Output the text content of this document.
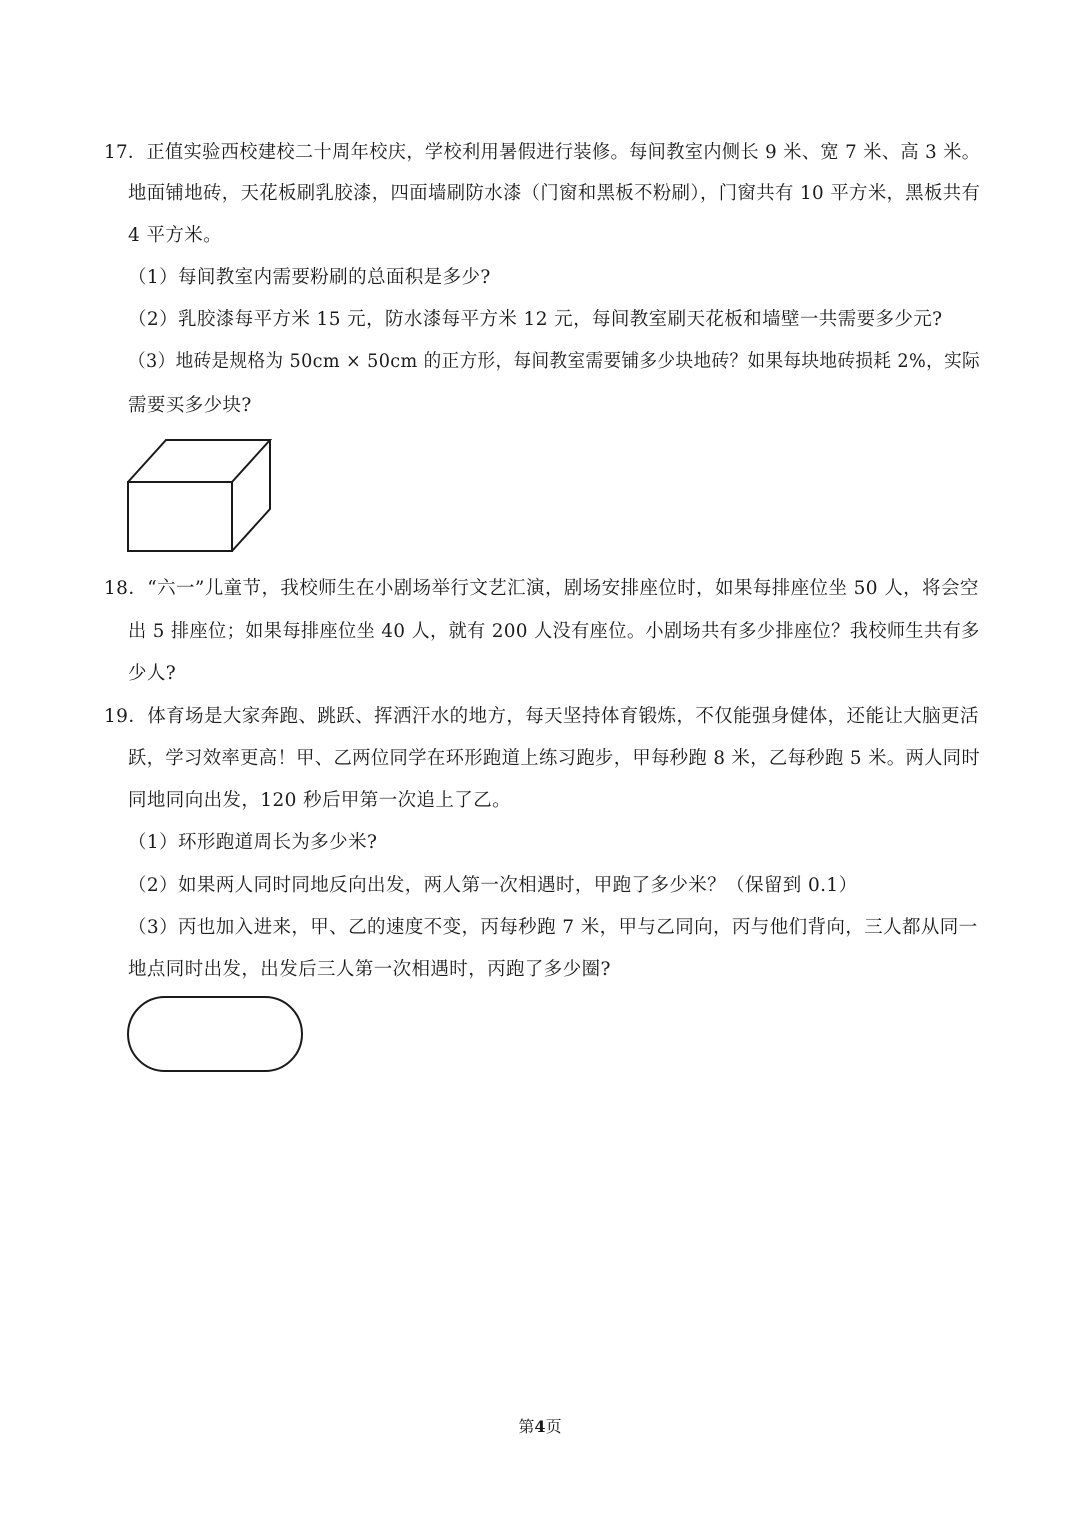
17．正值实验西校建校二十周年校庆，学校利用暑假进行装修。每间教室内侧长 9 米、宽 7 米、高 3 米。
地面铺地砖，天花板刷乳胶漆，四面墙刷防水漆（门窗和黑板不粉刷），门窗共有 10 平方米，黑板共有
4 平方米。
（1）每间教室内需要粉刷的总面积是多少?
（2）乳胶漆每平方米 15 元，防水漆每平方米 12 元，每间教室刷天花板和墙壁一共需要多少元?
（3）地砖是规格为 50cm × 50cm 的正方形，每间教室需要铺多少块地砖？如果每块地砖损耗 2%，实际
需要买多少块?
18．“六一”儿童节，我校师生在小剧场举行文艺汇演，剧场安排座位时，如果每排座位坐 50 人，将会空
出 5 排座位；如果每排座位坐 40 人，就有 200 人没有座位。小剧场共有多少排座位？我校师生共有多
少人?
19．体育场是大家奔跑、跳跃、挥洒汗水的地方，每天坚持体育锻炼，不仅能强身健体，还能让大脑更活
跃，学习效率更高！甲、乙两位同学在环形跑道上练习跑步，甲每秒跑 8 米，乙每秒跑 5 米。两人同时
同地同向出发，120 秒后甲第一次追上了乙。
（1）环形跑道周长为多少米?
（2）如果两人同时同地反向出发，两人第一次相遇时，甲跑了多少米？（保留到 0.1）
（3）丙也加入进来，甲、乙的速度不变，丙每秒跑 7 米，甲与乙同向，丙与他们背向，三人都从同一
地点同时出发，出发后三人第一次相遇时，丙跑了多少圈?
第4页
